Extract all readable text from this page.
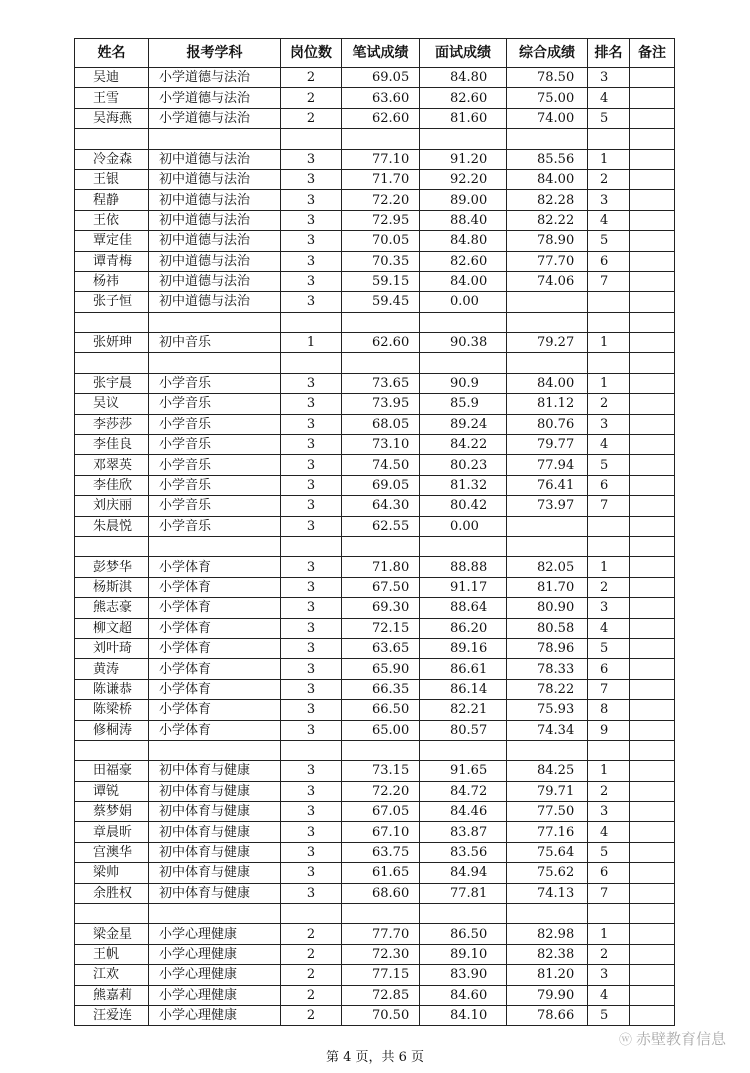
姓名	报考学科	岗位数	笔试成绩	面试成绩	综合成绩	排名	备注
吴迪	小学道德与法治	2	69.05	84.80	78.50	3	
王雪	小学道德与法治	2	63.60	82.60	75.00	4	
吴海燕	小学道德与法治	2	62.60	81.60	74.00	5	

冷金森	初中道德与法治	3	77.10	91.20	85.56	1	
王银	初中道德与法治	3	71.70	92.20	84.00	2	
程静	初中道德与法治	3	72.20	89.00	82.28	3	
王依	初中道德与法治	3	72.95	88.40	82.22	4	
覃定佳	初中道德与法治	3	70.05	84.80	78.90	5	
谭青梅	初中道德与法治	3	70.35	82.60	77.70	6	
杨祎	初中道德与法治	3	59.15	84.00	74.06	7	
张子恒	初中道德与法治	3	59.45	0.00			

张妍珅	初中音乐	1	62.60	90.38	79.27	1	

张宇晨	小学音乐	3	73.65	90.9	84.00	1	
吴议	小学音乐	3	73.95	85.9	81.12	2	
李莎莎	小学音乐	3	68.05	89.24	80.76	3	
李佳良	小学音乐	3	73.10	84.22	79.77	4	
邓翠英	小学音乐	3	74.50	80.23	77.94	5	
李佳欣	小学音乐	3	69.05	81.32	76.41	6	
刘庆丽	小学音乐	3	64.30	80.42	73.97	7	
朱晨悦	小学音乐	3	62.55	0.00			

彭梦华	小学体育	3	71.80	88.88	82.05	1	
杨斯淇	小学体育	3	67.50	91.17	81.70	2	
熊志豪	小学体育	3	69.30	88.64	80.90	3	
柳文超	小学体育	3	72.15	86.20	80.58	4	
刘叶琦	小学体育	3	63.65	89.16	78.96	5	
黄涛	小学体育	3	65.90	86.61	78.33	6	
陈谦恭	小学体育	3	66.35	86.14	78.22	7	
陈梁桥	小学体育	3	66.50	82.21	75.93	8	
修桐涛	小学体育	3	65.00	80.57	74.34	9	

田福豪	初中体育与健康	3	73.15	91.65	84.25	1	
谭锐	初中体育与健康	3	72.20	84.72	79.71	2	
蔡梦娟	初中体育与健康	3	67.05	84.46	77.50	3	
章晨昕	初中体育与健康	3	67.10	83.87	77.16	4	
宫澳华	初中体育与健康	3	63.75	83.56	75.64	5	
梁帅	初中体育与健康	3	61.65	84.94	75.62	6	
余胜权	初中体育与健康	3	68.60	77.81	74.13	7	

梁金星	小学心理健康	2	77.70	86.50	82.98	1	
王帆	小学心理健康	2	72.30	89.10	82.38	2	
江欢	小学心理健康	2	77.15	83.90	81.20	3	
熊嘉莉	小学心理健康	2	72.85	84.60	79.90	4	
汪爱连	小学心理健康	2	70.50	84.10	78.66	5	
第 4 页，共 6 页
ⓦ 赤壁教育信息
